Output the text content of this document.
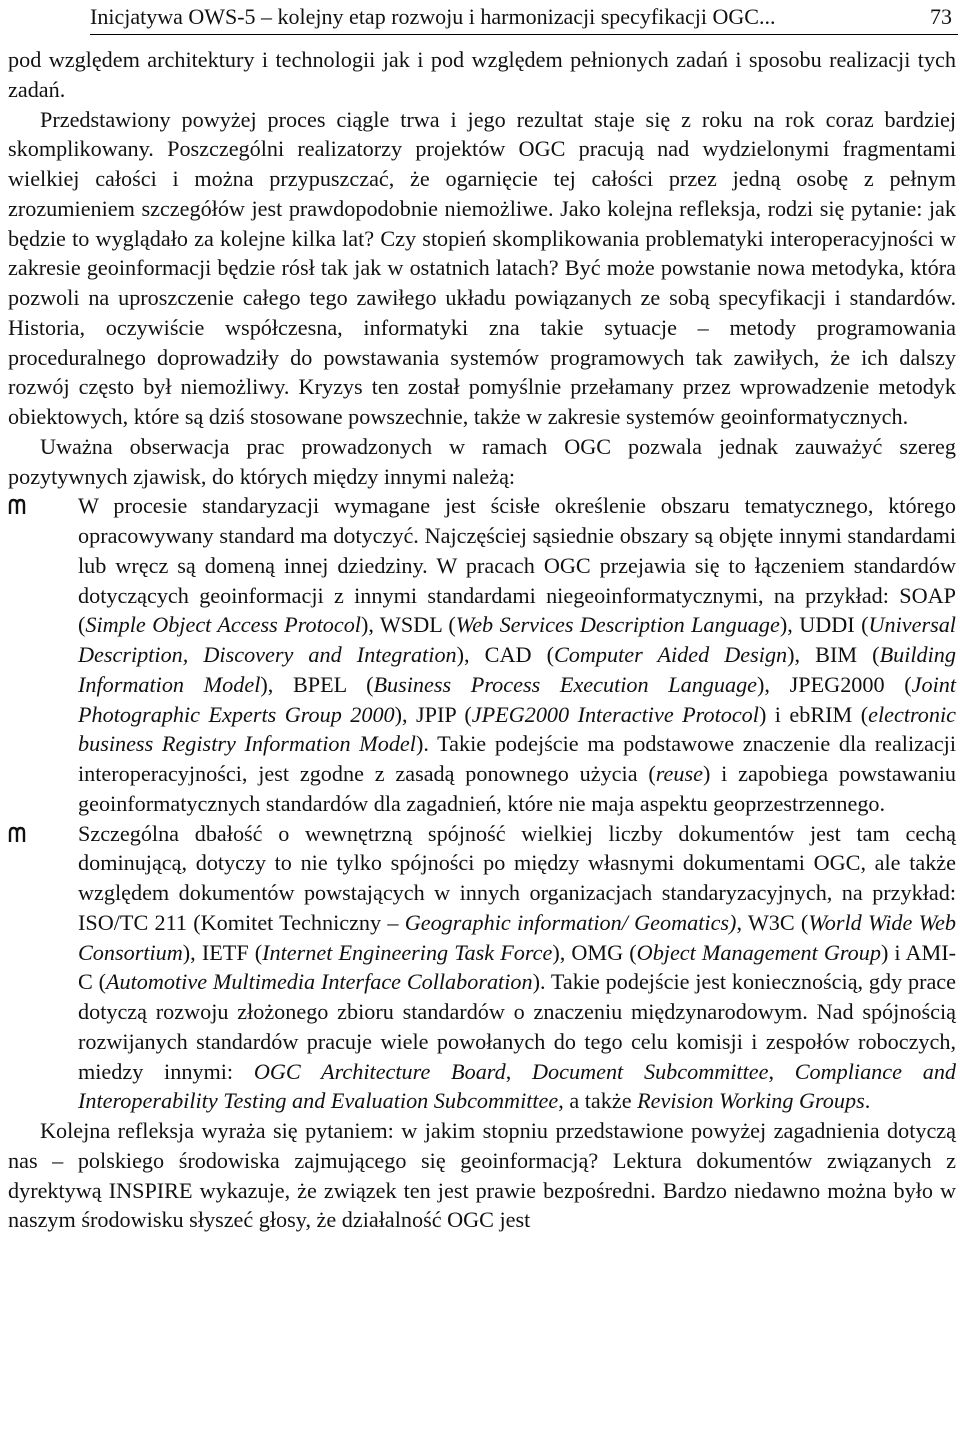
Inicjatywa OWS-5 – kolejny etap rozwoju i harmonizacji specyfikacji OGC...	73

pod względem architektury i technologii jak i pod względem pełnionych zadań i sposobu realizacji tych zadań.

Przedstawiony powyżej proces ciągle trwa i jego rezultat staje się z roku na rok coraz bardziej skomplikowany. Poszczególni realizatorzy projektów OGC pracują nad wydzielonymi fragmentami wielkiej całości i można przypuszczać, że ogarnięcie tej całości przez jedną osobę z pełnym zrozumieniem szczegółów jest prawdopodobnie niemożliwe. Jako kolejna refleksja, rodzi się pytanie: jak będzie to wyglądało za kolejne kilka lat? Czy stopień skomplikowania problematyki interoperacyjności w zakresie geoinformacji będzie rósł tak jak w ostatnich latach? Być może powstanie nowa metodyka, która pozwoli na uproszczenie całego tego zawiłego układu powiązanych ze sobą specyfikacji i standardów. Historia, oczywiście współczesna, informatyki zna takie sytuacje – metody programowania proceduralnego doprowadziły do powstawania systemów programowych tak zawiłych, że ich dalszy rozwój często był niemożliwy. Kryzys ten został pomyślnie przełamany przez wprowadzenie metodyk obiektowych, które są dziś stosowane powszechnie, także w zakresie systemów geoinformatycznych.

Uważna obserwacja prac prowadzonych w ramach OGC pozwala jednak zauważyć szereg pozytywnych zjawisk, do których między innymi należą:

W procesie standaryzacji wymagane jest ścisłe określenie obszaru tematycznego, którego opracowywany standard ma dotyczyć. Najczęściej sąsiednie obszary są objęte innymi standardami lub wręcz są domeną innej dziedziny. W pracach OGC przejawia się to łączeniem standardów dotyczących geoinformacji z innymi standardami niegeoinformatycznymi, na przykład: SOAP (Simple Object Access Protocol), WSDL (Web Services Description Language), UDDI (Universal Description, Discovery and Integration), CAD (Computer Aided Design), BIM (Building Information Model), BPEL (Business Process Execution Language), JPEG2000 (Joint Photographic Experts Group 2000), JPIP (JPEG2000 Interactive Protocol) i ebRIM (electronic business Registry Information Model). Takie podejście ma podstawowe znaczenie dla realizacji interoperacyjności, jest zgodne z zasadą ponownego użycia (reuse) i zapobiega powstawaniu geoinformatycznych standardów dla zagadnień, które nie maja aspektu geoprzestrzennego.
Szczególna dbałość o wewnętrzną spójność wielkiej liczby dokumentów jest tam cechą dominującą, dotyczy to nie tylko spójności po między własnymi dokumentami OGC, ale także względem dokumentów powstających w innych organizacjach standaryzacyjnych, na przykład: ISO/TC 211 (Komitet Techniczny – Geographic information/ Geomatics), W3C (World Wide Web Consortium), IETF (Internet Engineering Task Force), OMG (Object Management Group) i AMI-C (Automotive Multimedia Interface Collaboration). Takie podejście jest koniecznością, gdy prace dotyczą rozwoju złożonego zbioru standardów o znaczeniu międzynarodowym. Nad spójnością rozwijanych standardów pracuje wiele powołanych do tego celu komisji i zespołów roboczych, miedzy innymi: OGC Architecture Board, Document Subcommittee, Compliance and Interoperability Testing and Evaluation Subcommittee, a także Revision Working Groups.

Kolejna refleksja wyraża się pytaniem: w jakim stopniu przedstawione powyżej zagadnienia dotyczą nas – polskiego środowiska zajmującego się geoinformacją? Lektura dokumentów związanych z dyrektywą INSPIRE wykazuje, że związek ten jest prawie bezpośredni. Bardzo niedawno można było w naszym środowisku słyszeć głosy, że działalność OGC jest
